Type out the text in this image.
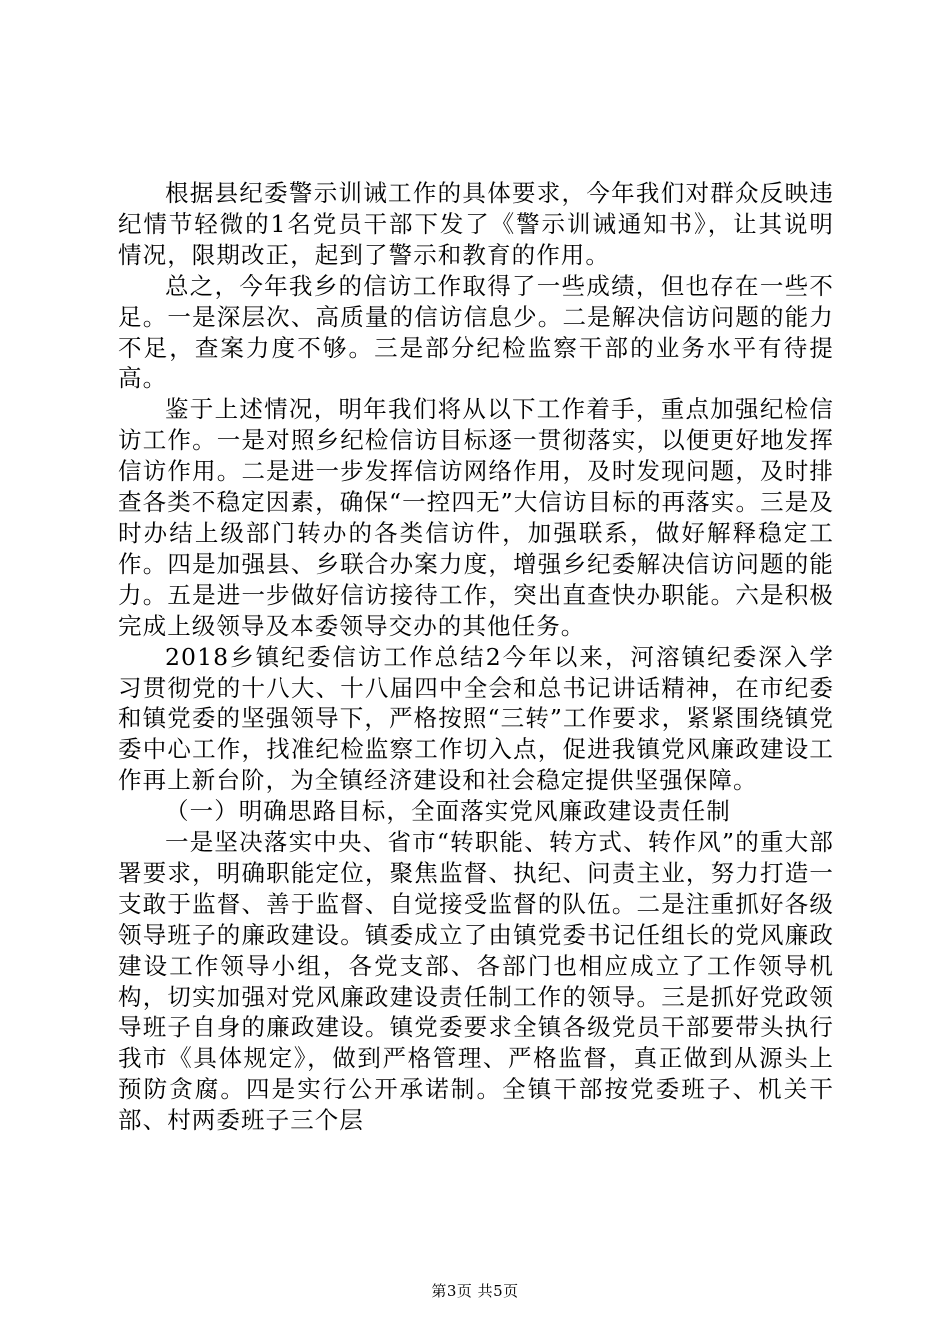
根据县纪委警示训诫工作的具体要求，今年我们对群众反映违纪情节轻微的1名党员干部下发了《警示训诫通知书》，让其说明情况，限期改正，起到了警示和教育的作用。

总之，今年我乡的信访工作取得了一些成绩，但也存在一些不足。一是深层次、高质量的信访信息少。二是解决信访问题的能力不足，查案力度不够。三是部分纪检监察干部的业务水平有待提高。

鉴于上述情况，明年我们将从以下工作着手，重点加强纪检信访工作。一是对照乡纪检信访目标逐一贯彻落实，以便更好地发挥信访作用。二是进一步发挥信访网络作用，及时发现问题，及时排查各类不稳定因素，确保“一控四无”大信访目标的再落实。三是及时办结上级部门转办的各类信访件，加强联系，做好解释稳定工作。四是加强县、乡联合办案力度，增强乡纪委解决信访问题的能力。五是进一步做好信访接待工作，突出直查快办职能。六是积极完成上级领导及本委领导交办的其他任务。

2018乡镇纪委信访工作总结2今年以来，河溶镇纪委深入学习贯彻党的十八大、十八届四中全会和总书记讲话精神，在市纪委和镇党委的坚强领导下，严格按照“三转”工作要求，紧紧围绕镇党委中心工作，找准纪检监察工作切入点，促进我镇党风廉政建设工作再上新台阶，为全镇经济建设和社会稳定提供坚强保障。

（一）明确思路目标，全面落实党风廉政建设责任制

一是坚决落实中央、省市“转职能、转方式、转作风”的重大部署要求，明确职能定位，聚焦监督、执纪、问责主业，努力打造一支敢于监督、善于监督、自觉接受监督的队伍。二是注重抓好各级领导班子的廉政建设。镇委成立了由镇党委书记任组长的党风廉政建设工作领导小组，各党支部、各部门也相应成立了工作领导机构，切实加强对党风廉政建设责任制工作的领导。三是抓好党政领导班子自身的廉政建设。镇党委要求全镇各级党员干部要带头执行我市《具体规定》，做到严格管理、严格监督，真正做到从源头上预防贪腐。四是实行公开承诺制。全镇干部按党委班子、机关干部、村两委班子三个层

第3页 共5页
